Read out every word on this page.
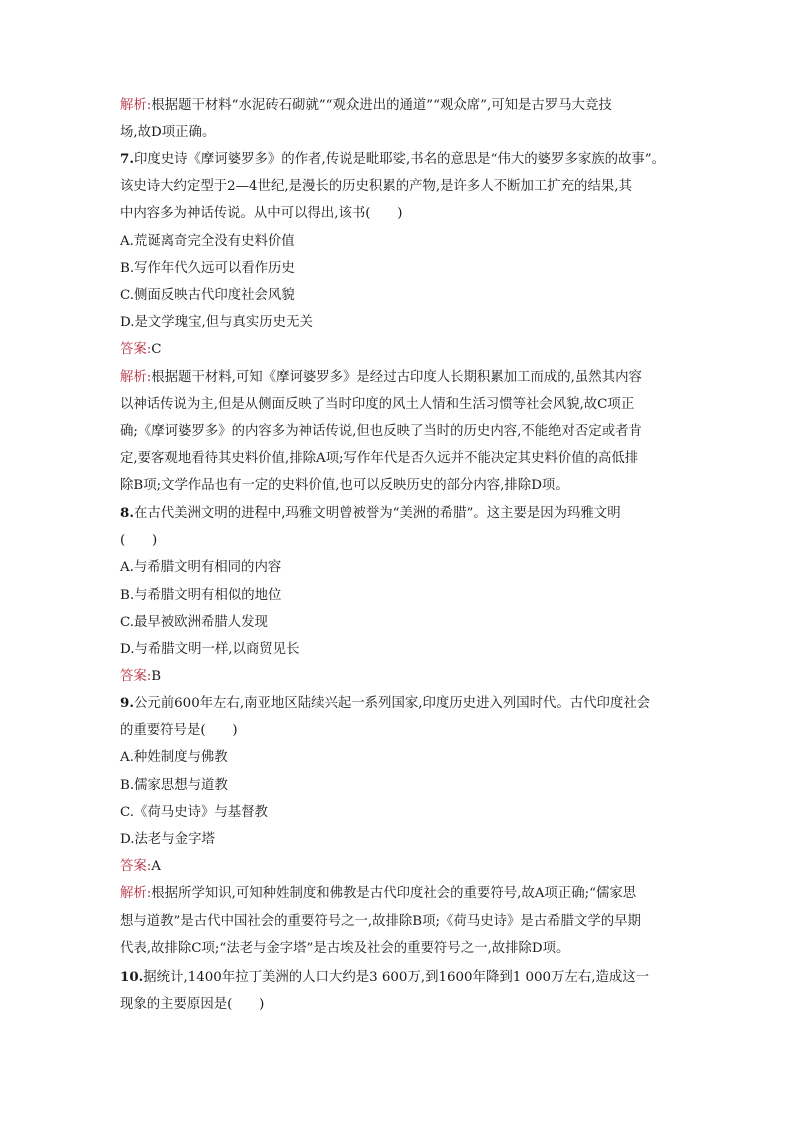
解析:根据题干材料“水泥砖石砌就”“观众进出的通道”“观众席”,可知是古罗马大竞技
场,故D项正确。
7.印度史诗《摩诃婆罗多》的作者,传说是毗耶娑,书名的意思是“伟大的婆罗多家族的故事”。
该史诗大约定型于2—4世纪,是漫长的历史积累的产物,是许多人不断加工扩充的结果,其
中内容多为神话传说。从中可以得出,该书(　　)
A.荒诞离奇完全没有史料价值
B.写作年代久远可以看作历史
C.侧面反映古代印度社会风貌
D.是文学瑰宝,但与真实历史无关
答案:C
解析:根据题干材料,可知《摩诃婆罗多》是经过古印度人长期积累加工而成的,虽然其内容
以神话传说为主,但是从侧面反映了当时印度的风土人情和生活习惯等社会风貌,故C项正
确;《摩诃婆罗多》的内容多为神话传说,但也反映了当时的历史内容,不能绝对否定或者肯
定,要客观地看待其史料价值,排除A项;写作年代是否久远并不能决定其史料价值的高低排
除B项;文学作品也有一定的史料价值,也可以反映历史的部分内容,排除D项。
8.在古代美洲文明的进程中,玛雅文明曾被誉为“美洲的希腊”。这主要是因为玛雅文明
(　　)
A.与希腊文明有相同的内容
B.与希腊文明有相似的地位
C.最早被欧洲希腊人发现
D.与希腊文明一样,以商贸见长
答案:B
9.公元前600年左右,南亚地区陆续兴起一系列国家,印度历史进入列国时代。古代印度社会
的重要符号是(　　)
A.种姓制度与佛教
B.儒家思想与道教
C.《荷马史诗》与基督教
D.法老与金字塔
答案:A
解析:根据所学知识,可知种姓制度和佛教是古代印度社会的重要符号,故A项正确;“儒家思
想与道教”是古代中国社会的重要符号之一,故排除B项;《荷马史诗》是古希腊文学的早期
代表,故排除C项;“法老与金字塔”是古埃及社会的重要符号之一,故排除D项。
10.据统计,1400年拉丁美洲的人口大约是3 600万,到1600年降到1 000万左右,造成这一
现象的主要原因是(　　)
